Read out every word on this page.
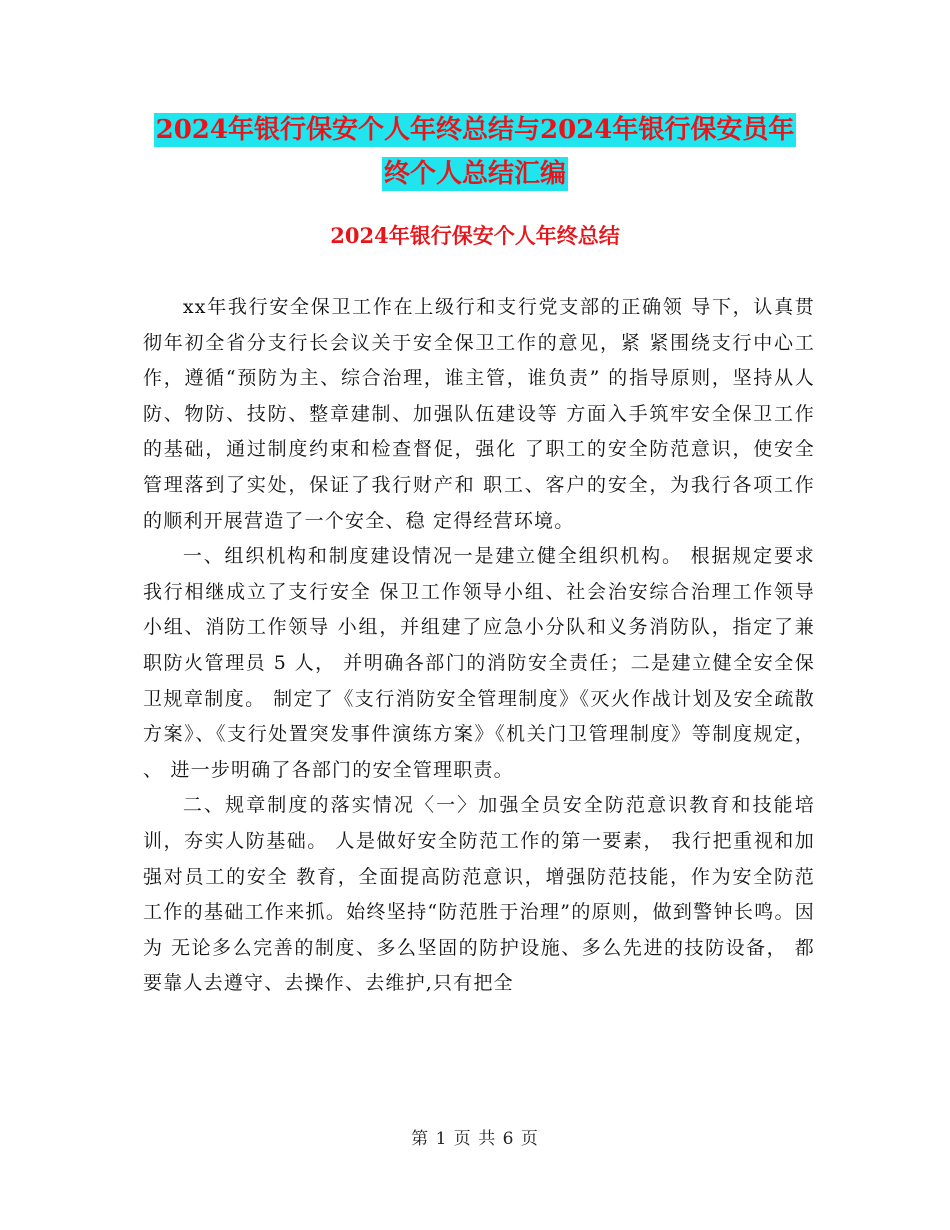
2024年银行保安个人年终总结与2024年银行保安员年
终个人总结汇编
2024年银行保安个人年终总结

xx年我行安全保卫工作在上级行和支行党支部的正确领 导下，认真贯彻年初全省分支行长会议关于安全保卫工作的意见，紧 紧围绕支行中心工作，遵循“预防为主、综合治理，谁主管，谁负责” 的指导原则，坚持从人防、物防、技防、整章建制、加强队伍建设等 方面入手筑牢安全保卫工作的基础，通过制度约束和检查督促，强化 了职工的安全防范意识，使安全管理落到了实处，保证了我行财产和 职工、客户的安全，为我行各项工作的顺利开展营造了一个安全、稳 定得经营环境。

一、组织机构和制度建设情况一是建立健全组织机构。 根据规定要求我行相继成立了支行安全 保卫工作领导小组、社会治安综合治理工作领导小组、消防工作领导 小组，并组建了应急小分队和义务消防队，指定了兼职防火管理员 5 人， 并明确各部门的消防安全责任；二是建立健全安全保卫规章制度。 制定了《支行消防安全管理制度》《灭火作战计划及安全疏散方案》、《支行处置突发事件演练方案》《机关门卫管理制度》等制度规定， 、 进一步明确了各部门的安全管理职责。

二、规章制度的落实情况〈一〉加强全员安全防范意识教育和技能培训，夯实人防基础。 人是做好安全防范工作的第一要素， 我行把重视和加强对员工的安全 教育，全面提高防范意识，增强防范技能，作为安全防范工作的基础工作来抓。始终坚持“防范胜于治理”的原则，做到警钟长鸣。因为 无论多么完善的制度、多么坚固的防护设施、多么先进的技防设备， 都要靠人去遵守、去操作、去维护,只有把全

第 1 页 共 6 页
